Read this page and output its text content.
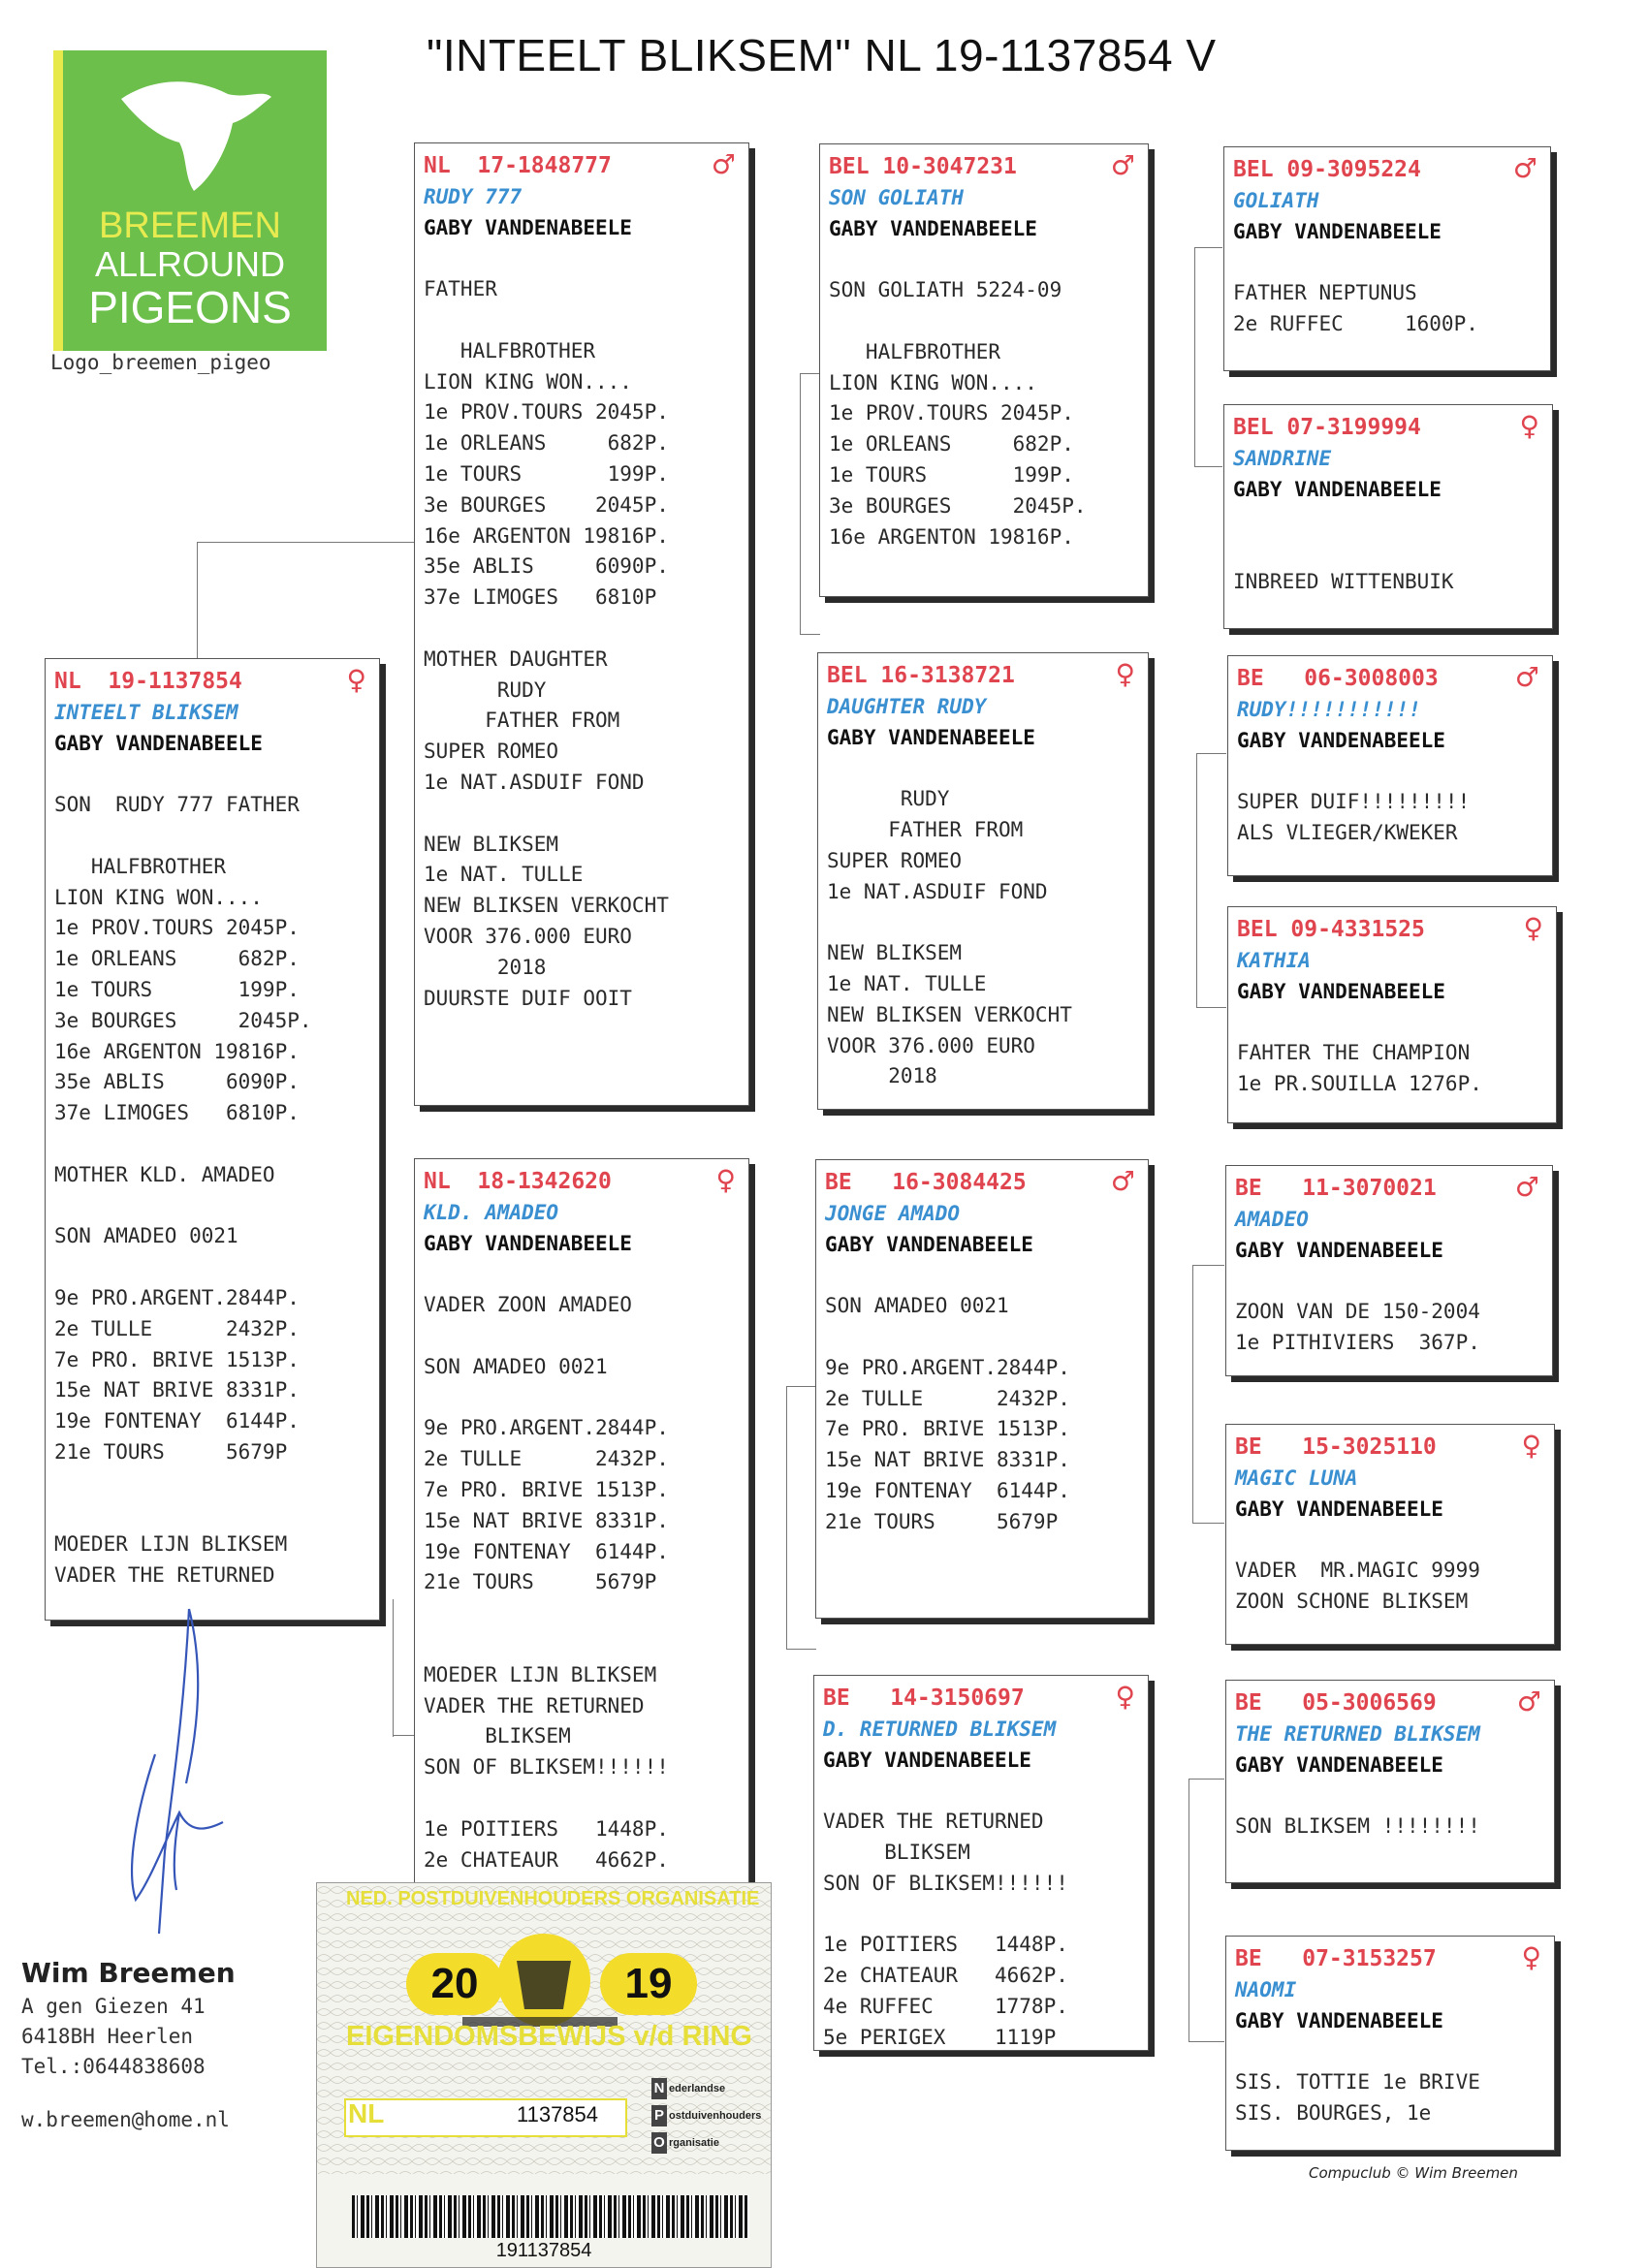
"INTEELT BLIKSEM" NL 19-1137854 V
BREEMEN
ALLROUND
PIGEONS
Logo_breemen_pigeo
NL  19-1137854	♀
INTEELT BLIKSEM
GABY VANDENABEELE
SON  RUDY 777 FATHER
HALFBROTHER
LION KING WON....
1e PROV.TOURS 2045P.
1e ORLEANS     682P.
1e TOURS       199P.
3e BOURGES     2045P.
16e ARGENTON 19816P.
35e ABLIS     6090P.
37e LIMOGES   6810P.
MOTHER KLD. AMADEO
SON AMADEO 0021
9e PRO.ARGENT.2844P.
2e TULLE      2432P.
7e PRO. BRIVE 1513P.
15e NAT BRIVE 8331P.
19e FONTENAY  6144P.
21e TOURS     5679P
MOEDER LIJN BLIKSEM
VADER THE RETURNED
NL  17-1848777	♂
RUDY 777
GABY VANDENABEELE
FATHER
HALFBROTHER
LION KING WON....
1e PROV.TOURS 2045P.
1e ORLEANS     682P.
1e TOURS       199P.
3e BOURGES    2045P.
16e ARGENTON 19816P.
35e ABLIS     6090P.
37e LIMOGES   6810P
MOTHER DAUGHTER
RUDY
FATHER FROM
SUPER ROMEO
1e NAT.ASDUIF FOND
NEW BLIKSEM
1e NAT. TULLE
NEW BLIKSEN VERKOCHT
VOOR 376.000 EURO
2018
DUURSTE DUIF OOIT
NL  18-1342620	♀
KLD. AMADEO
GABY VANDENABEELE
VADER ZOON AMADEO
SON AMADEO 0021
9e PRO.ARGENT.2844P.
2e TULLE      2432P.
7e PRO. BRIVE 1513P.
15e NAT BRIVE 8331P.
19e FONTENAY  6144P.
21e TOURS     5679P
MOEDER LIJN BLIKSEM
VADER THE RETURNED
BLIKSEM
SON OF BLIKSEM!!!!!!
1e POITIERS   1448P.
2e CHATEAUR   4662P.
BEL 10-3047231	♂
SON GOLIATH
GABY VANDENABEELE
SON GOLIATH 5224-09
HALFBROTHER
LION KING WON....
1e PROV.TOURS 2045P.
1e ORLEANS     682P.
1e TOURS       199P.
3e BOURGES     2045P.
16e ARGENTON 19816P.
BEL 16-3138721	♀
DAUGHTER RUDY
GABY VANDENABEELE
RUDY
FATHER FROM
SUPER ROMEO
1e NAT.ASDUIF FOND
NEW BLIKSEM
1e NAT. TULLE
NEW BLIKSEN VERKOCHT
VOOR 376.000 EURO
2018
BE   16-3084425	♂
JONGE AMADO
GABY VANDENABEELE
SON AMADEO 0021
9e PRO.ARGENT.2844P.
2e TULLE      2432P.
7e PRO. BRIVE 1513P.
15e NAT BRIVE 8331P.
19e FONTENAY  6144P.
21e TOURS     5679P
BE   14-3150697	♀
D. RETURNED BLIKSEM
GABY VANDENABEELE
VADER THE RETURNED
BLIKSEM
SON OF BLIKSEM!!!!!!
1e POITIERS   1448P.
2e CHATEAUR   4662P.
4e RUFFEC     1778P.
5e PERIGEX    1119P
BEL 09-3095224	♂
GOLIATH
GABY VANDENABEELE
FATHER NEPTUNUS
2e RUFFEC     1600P.
BEL 07-3199994	♀
SANDRINE
GABY VANDENABEELE
INBREED WITTENBUIK
BE   06-3008003	♂
RUDY!!!!!!!!!!!
GABY VANDENABEELE
SUPER DUIF!!!!!!!!!
ALS VLIEGER/KWEKER
BEL 09-4331525	♀
KATHIA
GABY VANDENABEELE
FAHTER THE CHAMPION
1e PR.SOUILLA 1276P.
BE   11-3070021	♂
AMADEO
GABY VANDENABEELE
ZOON VAN DE 150-2004
1e PITHIVIERS  367P.
BE   15-3025110	♀
MAGIC LUNA
GABY VANDENABEELE
VADER  MR.MAGIC 9999
ZOON SCHONE BLIKSEM
BE   05-3006569	♂
THE RETURNED BLIKSEM
GABY VANDENABEELE
SON BLIKSEM !!!!!!!!
BE   07-3153257	♀
NAOMI
GABY VANDENABEELE
SIS. TOTTIE 1e BRIVE
SIS. BOURGES, 1e
Wim Breemen
A gen Giezen 41
6418BH Heerlen
Tel.:0644838608
w.breemen@home.nl
NED. POSTDUIVENHOUDERS ORGANISATIE
20	19
EIGENDOMSBEWIJS v/d RING
NL	1137854
N ederlandse
P ostduivenhouders
O rganisatie
191137854
Compuclub © Wim Breemen
